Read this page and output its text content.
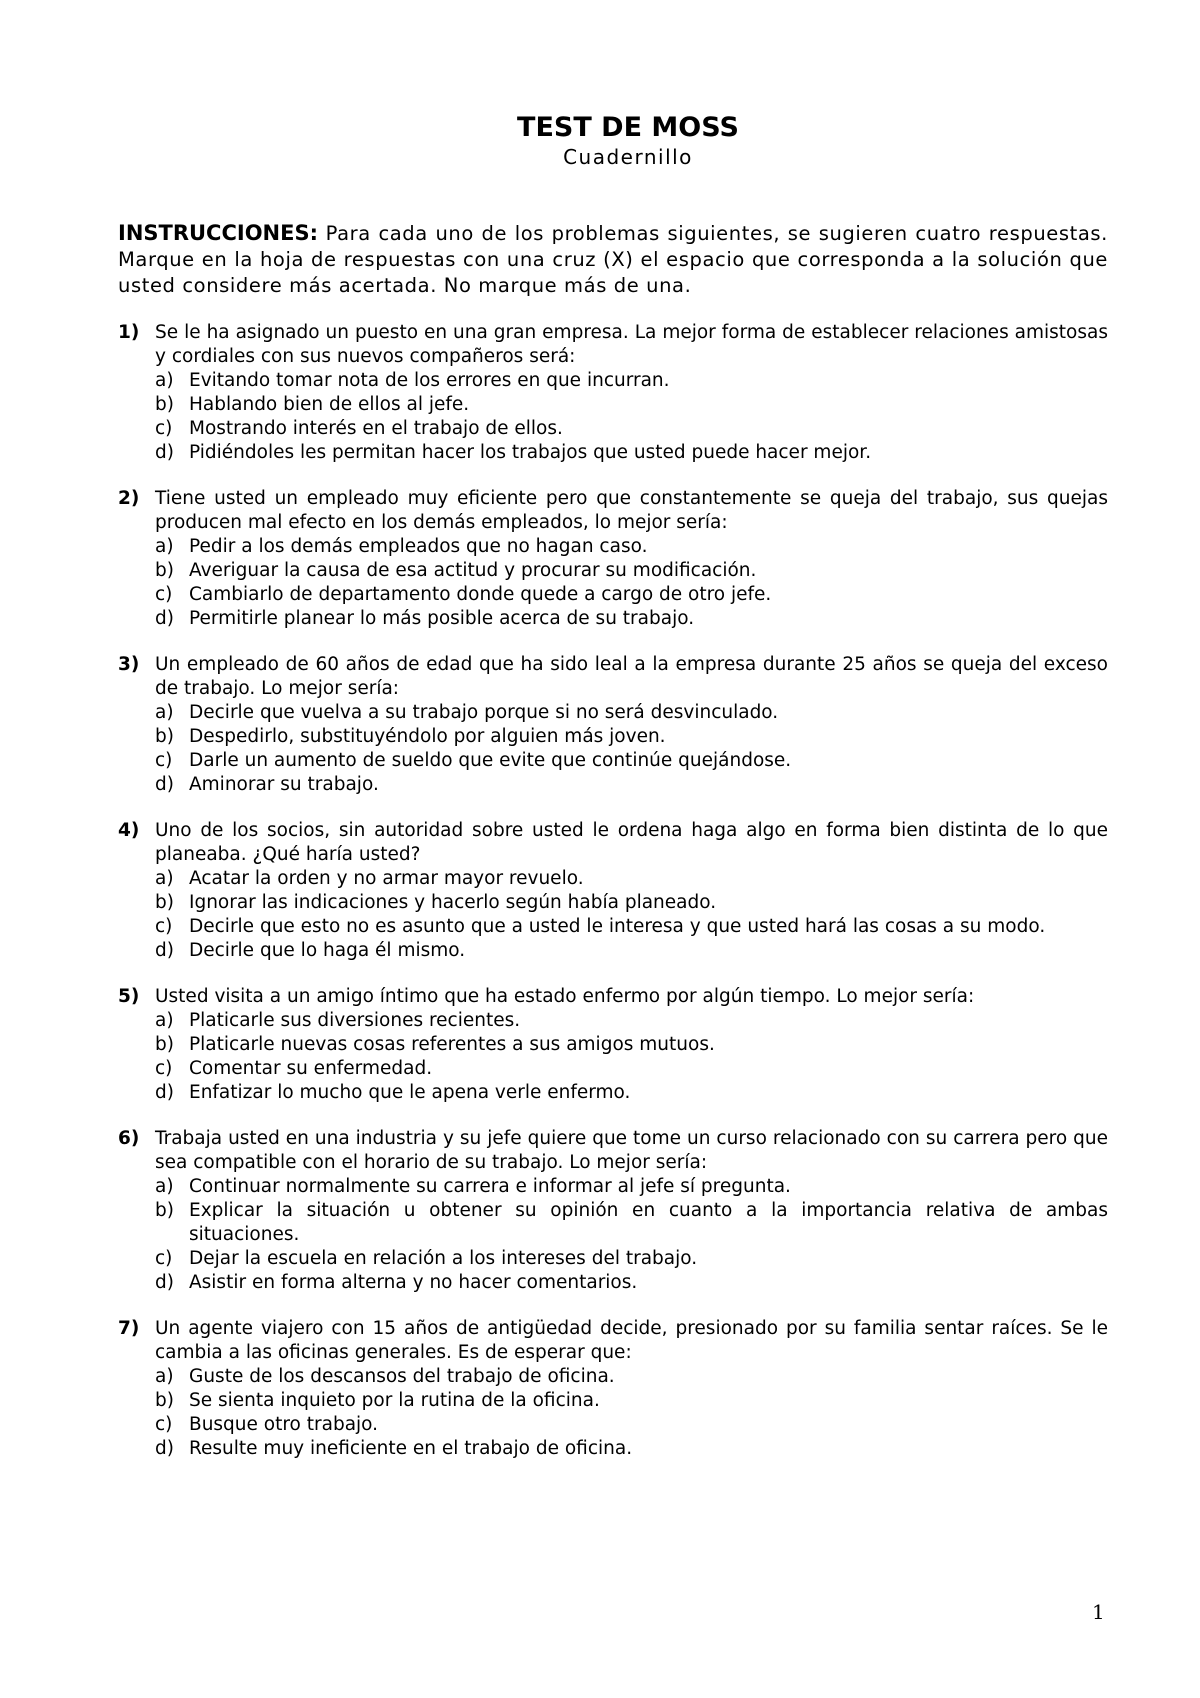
TEST DE MOSS

Cuadernillo

INSTRUCCIONES: Para cada uno de los problemas siguientes, se sugieren cuatro respuestas. Marque en la hoja de respuestas con una cruz (X) el espacio que corresponda a la solución que usted considere más acertada. No marque más de una.
1) Se le ha asignado un puesto en una gran empresa. La mejor forma de establecer relaciones amistosas y cordiales con sus nuevos compañeros será:
a) Evitando tomar nota de los errores en que incurran.
b) Hablando bien de ellos al jefe.
c) Mostrando interés en el trabajo de ellos.
d) Pidiéndoles les permitan hacer los trabajos que usted puede hacer mejor.
2) Tiene usted un empleado muy eficiente pero que constantemente se queja del trabajo, sus quejas producen mal efecto en los demás empleados, lo mejor sería:
a) Pedir a los demás empleados que no hagan caso.
b) Averiguar la causa de esa actitud y procurar su modificación.
c) Cambiarlo de departamento donde quede a cargo de otro jefe.
d) Permitirle planear lo más posible acerca de su trabajo.
3) Un empleado de 60 años de edad que ha sido leal a la empresa durante 25 años se queja del exceso de trabajo. Lo mejor sería:
a) Decirle que vuelva a su trabajo porque si no será desvinculado.
b) Despedirlo, substituyéndolo por alguien más joven.
c) Darle un aumento de sueldo que evite que continúe quejándose.
d) Aminorar su trabajo.
4) Uno de los socios, sin autoridad sobre usted le ordena haga algo en forma bien distinta de lo que planeaba. ¿Qué haría usted?
a) Acatar la orden y no armar mayor revuelo.
b) Ignorar las indicaciones y hacerlo según había planeado.
c) Decirle que esto no es asunto que a usted le interesa y que usted hará las cosas a su modo.
d) Decirle que lo haga él mismo.
5) Usted visita a un amigo íntimo que ha estado enfermo por algún tiempo. Lo mejor sería:
a) Platicarle sus diversiones recientes.
b) Platicarle nuevas cosas referentes a sus amigos mutuos.
c) Comentar su enfermedad.
d) Enfatizar lo mucho que le apena verle enfermo.
6) Trabaja usted en una industria y su jefe quiere que tome un curso relacionado con su carrera pero que sea compatible con el horario de su trabajo. Lo mejor sería:
a) Continuar normalmente su carrera e informar al jefe sí pregunta.
b) Explicar la situación u obtener su opinión en cuanto a la importancia relativa de ambas situaciones.
c) Dejar la escuela en relación a los intereses del trabajo.
d) Asistir en forma alterna y no hacer comentarios.
7) Un agente viajero con 15 años de antigüedad decide, presionado por su familia sentar raíces. Se le cambia a las oficinas generales. Es de esperar que:
a) Guste de los descansos del trabajo de oficina.
b) Se sienta inquieto por la rutina de la oficina.
c) Busque otro trabajo.
d) Resulte muy ineficiente en el trabajo de oficina.
1
